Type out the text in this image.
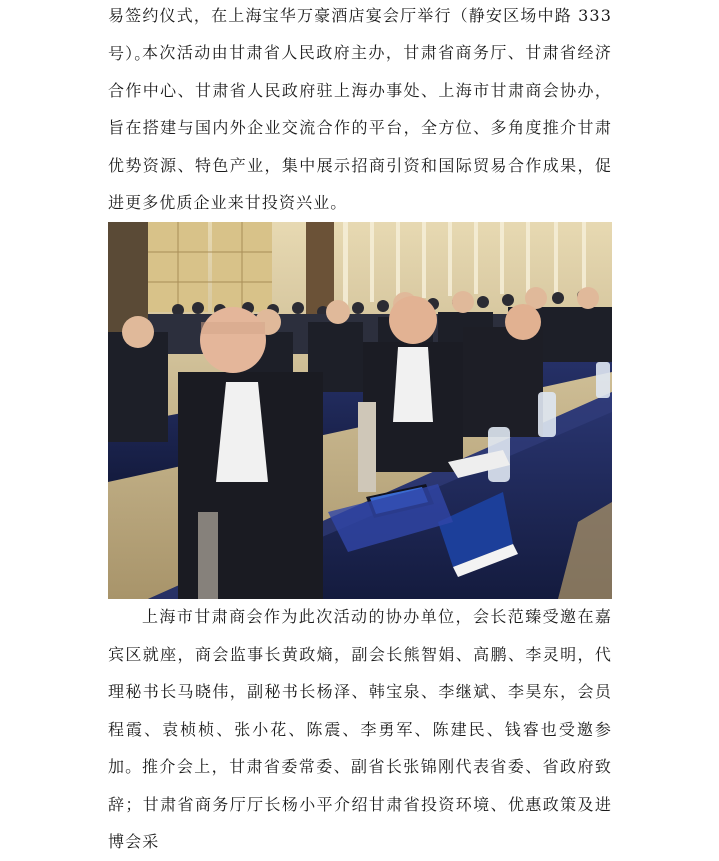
易签约仪式，在上海宝华万豪酒店宴会厅举行（静安区场中路 333 号）。

本次活动由甘肃省人民政府主办，甘肃省商务厅、甘肃省经济合作中心、甘肃省人民政府驻上海办事处、上海市甘肃商会协办，旨在搭建与国内外企业交流合作的平台，全方位、多角度推介甘肃优势资源、特色产业，集中展示招商引资和国际贸易合作成果，促进更多优质企业来甘投资兴业。

上海市甘肃商会作为此次活动的协办单位，会长范臻受邀在嘉宾区就座，商会监事长黄政熵，副会长熊智娟、高鹏、李灵明，代理秘书长马晓伟，副秘书长杨泽、韩宝泉、李继斌、李昊东，会员程霞、袁桢桢、张小花、陈震、李勇军、陈建民、钱睿也受邀参加。 推介会上，甘肃省委常委、副省长张锦刚代表省委、省政府致辞；甘肃省商务厅厅长杨小平介绍甘肃省投资环境、优惠政策及进博会采
